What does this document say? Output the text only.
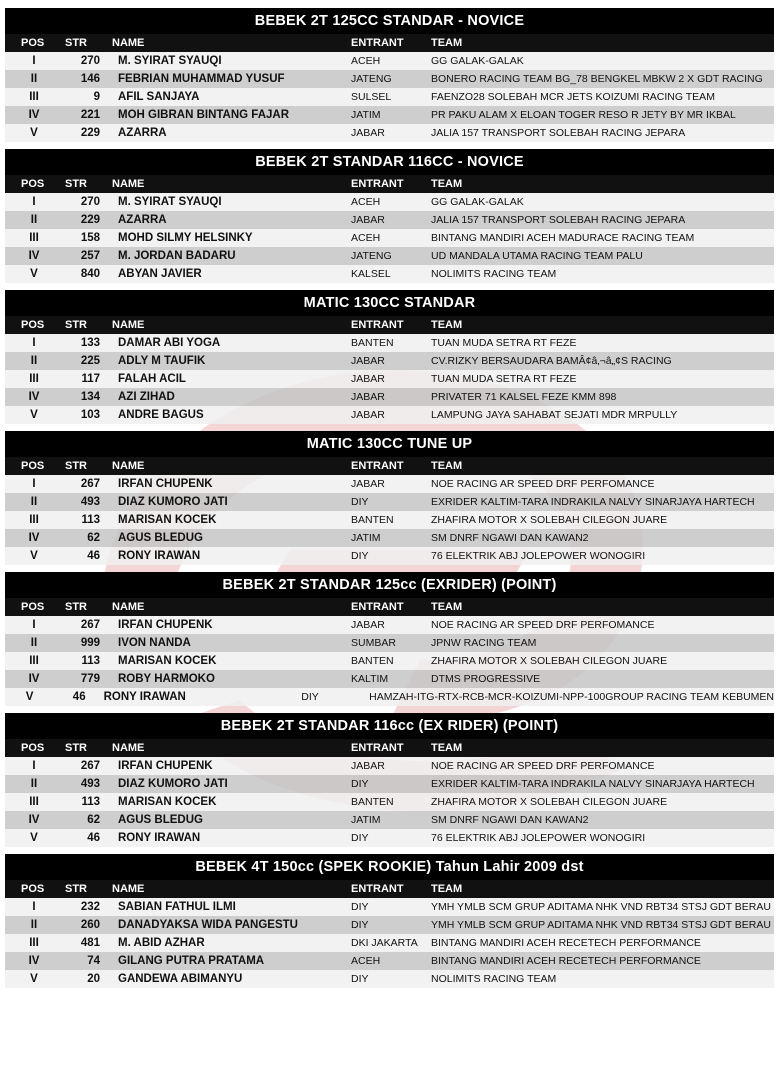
BEBEK 2T 125CC STANDAR - NOVICE
POS	STR	NAME	ENTRANT	TEAM
I	270	M. SYIRAT SYAUQI	ACEH	GG GALAK-GALAK
II	146	FEBRIAN MUHAMMAD YUSUF	JATENG	BONERO RACING TEAM BG_78 BENGKEL MBKW 2 X GDT RACING
III	9	AFIL SANJAYA	SULSEL	FAENZO28 SOLEBAH MCR JETS KOIZUMI RACING TEAM
IV	221	MOH GIBRAN BINTANG FAJAR	JATIM	PR PAKU ALAM X ELOAN TOGER RESO R JETY BY MR IKBAL
V	229	AZARRA	JABAR	JALIA 157 TRANSPORT SOLEBAH RACING JEPARA
BEBEK 2T STANDAR 116CC - NOVICE
POS	STR	NAME	ENTRANT	TEAM
I	270	M. SYIRAT SYAUQI	ACEH	GG GALAK-GALAK
II	229	AZARRA	JABAR	JALIA 157 TRANSPORT SOLEBAH RACING JEPARA
III	158	MOHD SILMY HELSINKY	ACEH	BINTANG MANDIRI ACEH MADURACE RACING TEAM
IV	257	M. JORDAN BADARU	JATENG	UD MANDALA UTAMA RACING TEAM PALU
V	840	ABYAN JAVIER	KALSEL	NOLIMITS RACING TEAM
MATIC 130CC STANDAR
POS	STR	NAME	ENTRANT	TEAM
I	133	DAMAR ABI YOGA	BANTEN	TUAN MUDA SETRA RT FEZE
II	225	ADLY M TAUFIK	JABAR	CV.RIZKY BERSAUDARA BAMÂ¢â‚¬â„¢S RACING
III	117	FALAH ACIL	JABAR	TUAN MUDA SETRA RT FEZE
IV	134	AZI ZIHAD	JABAR	PRIVATER 71 KALSEL FEZE KMM 898
V	103	ANDRE BAGUS	JABAR	LAMPUNG JAYA SAHABAT SEJATI MDR MRPULLY
MATIC 130CC TUNE UP
POS	STR	NAME	ENTRANT	TEAM
I	267	IRFAN CHUPENK	JABAR	NOE RACING AR SPEED DRF PERFOMANCE
II	493	DIAZ KUMORO JATI	DIY	EXRIDER KALTIM-TARA INDRAKILA NALVY SINARJAYA HARTECH
III	113	MARISAN KOCEK	BANTEN	ZHAFIRA MOTOR X SOLEBAH CILEGON JUARE
IV	62	AGUS BLEDUG	JATIM	SM DNRF NGAWI DAN KAWAN2
V	46	RONY IRAWAN	DIY	76 ELEKTRIK ABJ JOLEPOWER WONOGIRI
BEBEK 2T STANDAR 125cc (EXRIDER) (POINT)
POS	STR	NAME	ENTRANT	TEAM
I	267	IRFAN CHUPENK	JABAR	NOE RACING AR SPEED DRF PERFOMANCE
II	999	IVON NANDA	SUMBAR	JPNW RACING TEAM
III	113	MARISAN KOCEK	BANTEN	ZHAFIRA MOTOR X SOLEBAH CILEGON JUARE
IV	779	ROBY HARMOKO	KALTIM	DTMS PROGRESSIVE
V	46	RONY IRAWAN	DIY	HAMZAH-ITG-RTX-RCB-MCR-KOIZUMI-NPP-100GROUP RACING TEAM KEBUMEN
BEBEK 2T STANDAR 116cc (EX RIDER) (POINT)
POS	STR	NAME	ENTRANT	TEAM
I	267	IRFAN CHUPENK	JABAR	NOE RACING AR SPEED DRF PERFOMANCE
II	493	DIAZ KUMORO JATI	DIY	EXRIDER KALTIM-TARA INDRAKILA NALVY SINARJAYA HARTECH
III	113	MARISAN KOCEK	BANTEN	ZHAFIRA MOTOR X SOLEBAH CILEGON JUARE
IV	62	AGUS BLEDUG	JATIM	SM DNRF NGAWI DAN KAWAN2
V	46	RONY IRAWAN	DIY	76 ELEKTRIK ABJ JOLEPOWER WONOGIRI
BEBEK 4T 150cc (SPEK ROOKIE) Tahun Lahir 2009 dst
POS	STR	NAME	ENTRANT	TEAM
I	232	SABIAN FATHUL ILMI	DIY	YMH YMLB SCM GRUP ADITAMA NHK VND RBT34 STSJ GDT BERAU
II	260	DANADYAKSA WIDA PANGESTU	DIY	YMH YMLB SCM GRUP ADITAMA NHK VND RBT34 STSJ GDT BERAU
III	481	M. ABID AZHAR	DKI JAKARTA	BINTANG MANDIRI ACEH RECETECH PERFORMANCE
IV	74	GILANG PUTRA PRATAMA	ACEH	BINTANG MANDIRI ACEH RECETECH PERFORMANCE
V	20	GANDEWA ABIMANYU	DIY	NOLIMITS RACING TEAM
